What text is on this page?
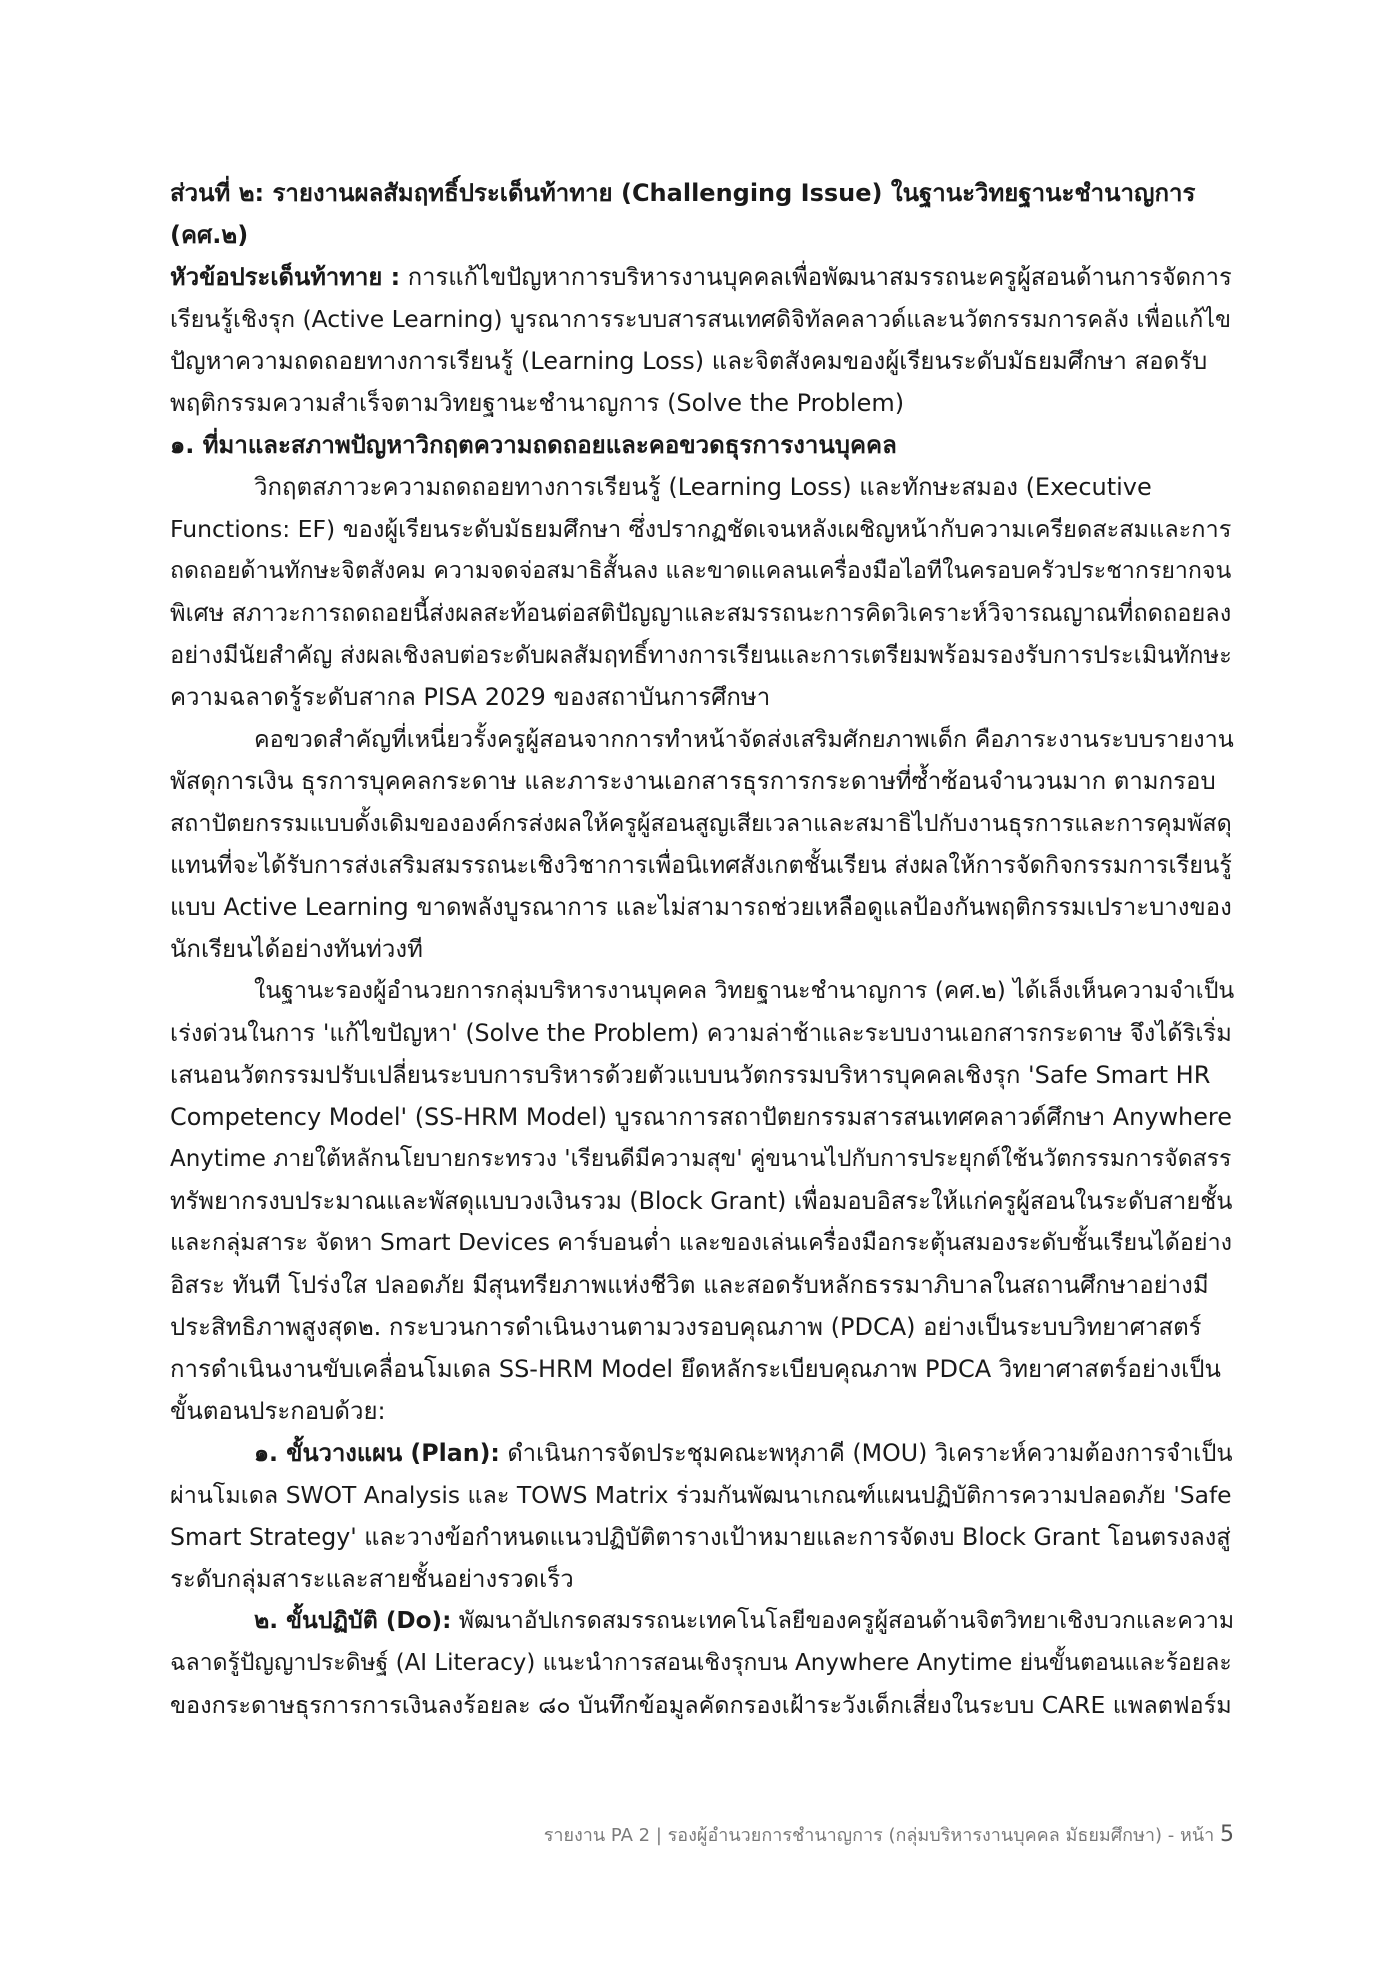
ส่วนที่ ๒: รายงานผลสัมฤทธิ์ประเด็นท้าทาย (Challenging Issue) ในฐานะวิทยฐานะชำนาญการ
(คศ.๒)
หัวข้อประเด็นท้าทาย : การแก้ไขปัญหาการบริหารงานบุคคลเพื่อพัฒนาสมรรถนะครูผู้สอนด้านการจัดการ
เรียนรู้เชิงรุก (Active Learning) บูรณาการระบบสารสนเทศดิจิทัลคลาวด์และนวัตกรรมการคลัง เพื่อแก้ไข
ปัญหาความถดถอยทางการเรียนรู้ (Learning Loss) และจิตสังคมของผู้เรียนระดับมัธยมศึกษา สอดรับ
พฤติกรรมความสำเร็จตามวิทยฐานะชำนาญการ (Solve the Problem)
๑. ที่มาและสภาพปัญหาวิกฤตความถดถอยและคอขวดธุรการงานบุคคล
วิกฤตสภาวะความถดถอยทางการเรียนรู้ (Learning Loss) และทักษะสมอง (Executive
Functions: EF) ของผู้เรียนระดับมัธยมศึกษา ซึ่งปรากฏชัดเจนหลังเผชิญหน้ากับความเครียดสะสมและการ
ถดถอยด้านทักษะจิตสังคม ความจดจ่อสมาธิสั้นลง และขาดแคลนเครื่องมือไอทีในครอบครัวประชากรยากจน
พิเศษ สภาวะการถดถอยนี้ส่งผลสะท้อนต่อสติปัญญาและสมรรถนะการคิดวิเคราะห์วิจารณญาณที่ถดถอยลง
อย่างมีนัยสำคัญ ส่งผลเชิงลบต่อระดับผลสัมฤทธิ์ทางการเรียนและการเตรียมพร้อมรองรับการประเมินทักษะ
ความฉลาดรู้ระดับสากล PISA 2029 ของสถาบันการศึกษา
คอขวดสำคัญที่เหนี่ยวรั้งครูผู้สอนจากการทำหน้าจัดส่งเสริมศักยภาพเด็ก คือภาระงานระบบรายงาน
พัสดุการเงิน ธุรการบุคคลกระดาษ และภาระงานเอกสารธุรการกระดาษที่ซ้ำซ้อนจำนวนมาก ตามกรอบ
สถาปัตยกรรมแบบดั้งเดิมขององค์กรส่งผลให้ครูผู้สอนสูญเสียเวลาและสมาธิไปกับงานธุรการและการคุมพัสดุ
แทนที่จะได้รับการส่งเสริมสมรรถนะเชิงวิชาการเพื่อนิเทศสังเกตชั้นเรียน ส่งผลให้การจัดกิจกรรมการเรียนรู้
แบบ Active Learning ขาดพลังบูรณาการ และไม่สามารถช่วยเหลือดูแลป้องกันพฤติกรรมเปราะบางของ
นักเรียนได้อย่างทันท่วงที
ในฐานะรองผู้อำนวยการกลุ่มบริหารงานบุคคล วิทยฐานะชำนาญการ (คศ.๒) ได้เล็งเห็นความจำเป็น
เร่งด่วนในการ 'แก้ไขปัญหา' (Solve the Problem) ความล่าช้าและระบบงานเอกสารกระดาษ จึงได้ริเริ่ม
เสนอนวัตกรรมปรับเปลี่ยนระบบการบริหารด้วยตัวแบบนวัตกรรมบริหารบุคคลเชิงรุก 'Safe Smart HR
Competency Model' (SS-HRM Model) บูรณาการสถาปัตยกรรมสารสนเทศคลาวด์ศึกษา Anywhere
Anytime ภายใต้หลักนโยบายกระทรวง 'เรียนดีมีความสุข' คู่ขนานไปกับการประยุกต์ใช้นวัตกรรมการจัดสรร
ทรัพยากรงบประมาณและพัสดุแบบวงเงินรวม (Block Grant) เพื่อมอบอิสระให้แก่ครูผู้สอนในระดับสายชั้น
และกลุ่มสาระ จัดหา Smart Devices คาร์บอนต่ำ และของเล่นเครื่องมือกระตุ้นสมองระดับชั้นเรียนได้อย่าง
อิสระ ทันที โปร่งใส ปลอดภัย มีสุนทรียภาพแห่งชีวิต และสอดรับหลักธรรมาภิบาลในสถานศึกษาอย่างมี
ประสิทธิภาพสูงสุด๒. กระบวนการดำเนินงานตามวงรอบคุณภาพ (PDCA) อย่างเป็นระบบวิทยาศาสตร์
การดำเนินงานขับเคลื่อนโมเดล SS-HRM Model ยึดหลักระเบียบคุณภาพ PDCA วิทยาศาสตร์อย่างเป็น
ขั้นตอนประกอบด้วย:
๑. ขั้นวางแผน (Plan): ดำเนินการจัดประชุมคณะพหุภาคี (MOU) วิเคราะห์ความต้องการจำเป็น
ผ่านโมเดล SWOT Analysis และ TOWS Matrix ร่วมกันพัฒนาเกณฑ์แผนปฏิบัติการความปลอดภัย 'Safe
Smart Strategy' และวางข้อกำหนดแนวปฏิบัติตารางเป้าหมายและการจัดงบ Block Grant โอนตรงลงสู่
ระดับกลุ่มสาระและสายชั้นอย่างรวดเร็ว
๒. ขั้นปฏิบัติ (Do): พัฒนาอัปเกรดสมรรถนะเทคโนโลยีของครูผู้สอนด้านจิตวิทยาเชิงบวกและความ
ฉลาดรู้ปัญญาประดิษฐ์ (AI Literacy) แนะนำการสอนเชิงรุกบน Anywhere Anytime ย่นขั้นตอนและร้อยละ
ของกระดาษธุรการการเงินลงร้อยละ ๘๐ บันทึกข้อมูลคัดกรองเฝ้าระวังเด็กเสี่ยงในระบบ CARE แพลตฟอร์ม
รายงาน PA 2 | รองผู้อำนวยการชำนาญการ (กลุ่มบริหารงานบุคคล มัธยมศึกษา) - หน้า 5
